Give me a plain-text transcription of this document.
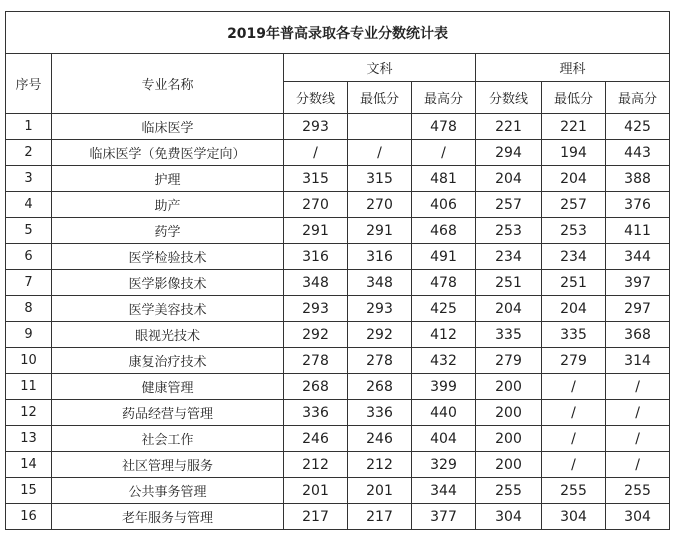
2019年普高录取各专业分数统计表							
序号	专业名称	文科			理科		
		分数线	最低分	最高分	分数线	最低分	最高分
1	临床医学	293		478	221	221	425
2	临床医学（免费医学定向）	/	/	/	294	194	443
3	护理	315	315	481	204	204	388
4	助产	270	270	406	257	257	376
5	药学	291	291	468	253	253	411
6	医学检验技术	316	316	491	234	234	344
7	医学影像技术	348	348	478	251	251	397
8	医学美容技术	293	293	425	204	204	297
9	眼视光技术	292	292	412	335	335	368
10	康复治疗技术	278	278	432	279	279	314
11	健康管理	268	268	399	200	/	/
12	药品经营与管理	336	336	440	200	/	/
13	社会工作	246	246	404	200	/	/
14	社区管理与服务	212	212	329	200	/	/
15	公共事务管理	201	201	344	255	255	255
16	老年服务与管理	217	217	377	304	304	304
